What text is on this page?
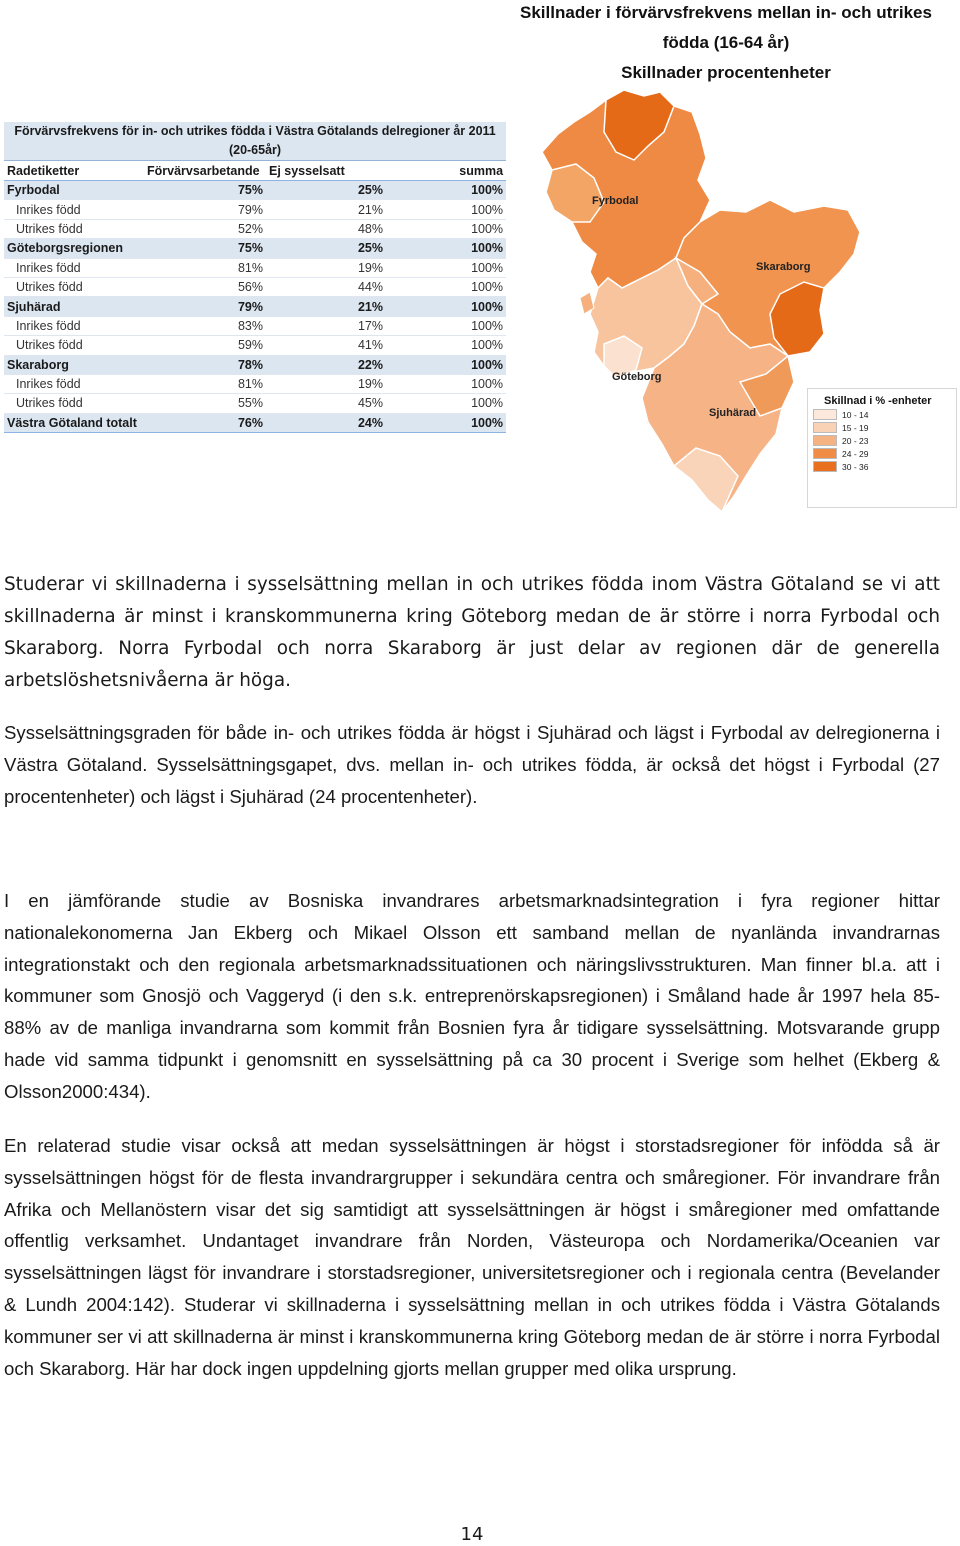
Skillnader i förvärvsfrekvens mellan in- och utrikes
födda (16-64 år)
Skillnader procentenheter
Förvärvsfrekvens för in- och utrikes födda i Västra Götalands delregioner år 2011
(20-65år)			

Radetiketter	Förvärvsarbetande	Ej sysselsatt	summa
Fyrbodal	75%	25%	100%
Inrikes född	79%	21%	100%
Utrikes född	52%	48%	100%
Göteborgsregionen	75%	25%	100%
Inrikes född	81%	19%	100%
Utrikes född	56%	44%	100%
Sjuhärad	79%	21%	100%
Inrikes född	83%	17%	100%
Utrikes född	59%	41%	100%
Skaraborg	78%	22%	100%
Inrikes född	81%	19%	100%
Utrikes född	55%	45%	100%
Västra Götaland totalt	76%	24%	100%
Fyrbodal
Skaraborg
Göteborg
Sjuhärad
Skillnad i % -enheter
10 - 14
15 - 19
20 - 23
24 - 29
30 - 36

Studerar vi skillnaderna i sysselsättning mellan in och utrikes födda inom Västra Götaland se vi att skillnaderna är minst i kranskommunerna kring Göteborg medan de är större i norra Fyrbodal och Skaraborg. Norra Fyrbodal och norra Skaraborg är just delar av regionen där de generella arbetslöshetsnivåerna är höga.

Sysselsättningsgraden för både in- och utrikes födda är högst i Sjuhärad och lägst i Fyrbodal av delregionerna i Västra Götaland. Sysselsättningsgapet, dvs. mellan in- och utrikes födda, är också det högst i Fyrbodal (27 procentenheter) och lägst i Sjuhärad (24 procentenheter).

I en jämförande studie av Bosniska invandrares arbetsmarknadsintegration i fyra regioner hittar nationalekonomerna Jan Ekberg och Mikael Olsson ett samband mellan de nyanlända invandrarnas integrationstakt och den regionala arbetsmarknadssituationen och näringslivsstrukturen. Man finner bl.a. att i kommuner som Gnosjö och Vaggeryd (i den s.k. entreprenörskapsregionen) i Småland hade år 1997 hela 85-88% av de manliga invandrarna som kommit från Bosnien fyra år tidigare sysselsättning. Motsvarande grupp hade vid samma tidpunkt i genomsnitt en sysselsättning på ca 30 procent i Sverige som helhet (Ekberg & Olsson2000:434).

En relaterad studie visar också att medan sysselsättningen är högst i storstadsregioner för infödda så är sysselsättningen högst för de flesta invandrargrupper i sekundära centra och småregioner. För invandrare från Afrika och Mellanöstern visar det sig samtidigt att sysselsättningen är högst i småregioner med omfattande offentlig verksamhet. Undantaget invandrare från Norden, Västeuropa och Nordamerika/Oceanien var sysselsättningen lägst för invandrare i storstadsregioner, universitetsregioner och i regionala centra (Bevelander & Lundh 2004:142). Studerar vi skillnaderna i sysselsättning mellan in och utrikes födda i Västra Götalands kommuner ser vi att skillnaderna är minst i kranskommunerna kring Göteborg medan de är större i norra Fyrbodal och Skaraborg. Här har dock ingen uppdelning gjorts mellan grupper med olika ursprung.

14
